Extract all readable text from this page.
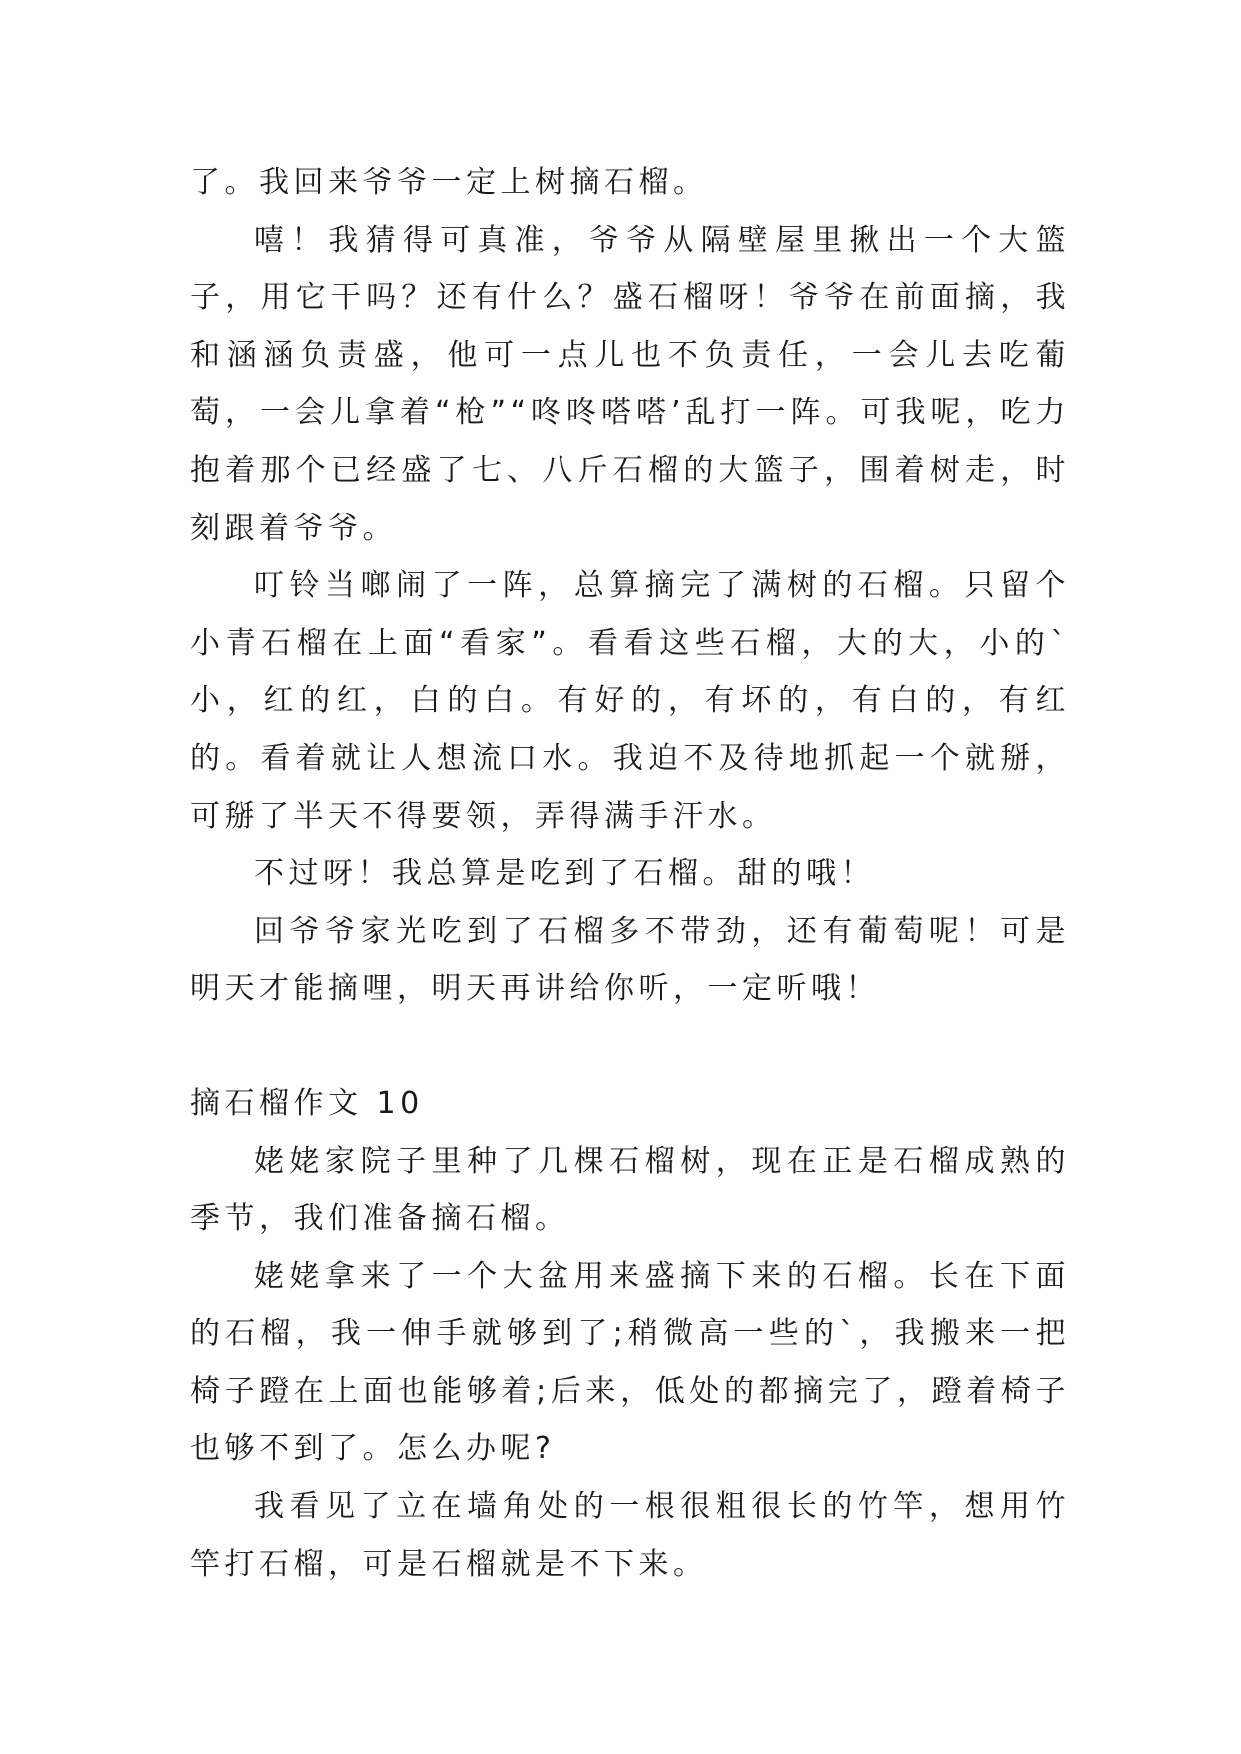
了。我回来爷爷一定上树摘石榴。

嘻！我猜得可真准，爷爷从隔壁屋里揪出一个大篮子，用它干吗？还有什么？盛石榴呀！爷爷在前面摘，我和涵涵负责盛，他可一点儿也不负责任，一会儿去吃葡萄，一会儿拿着“枪”“咚咚嗒嗒’乱打一阵。可我呢，吃力抱着那个已经盛了七、八斤石榴的大篮子，围着树走，时刻跟着爷爷。

叮铃当啷闹了一阵，总算摘完了满树的石榴。只留个小青石榴在上面“看家”。看看这些石榴，大的大，小的`小，红的红，白的白。有好的，有坏的，有白的，有红的。看着就让人想流口水。我迫不及待地抓起一个就掰，可掰了半天不得要领，弄得满手汗水。

不过呀！我总算是吃到了石榴。甜的哦！

回爷爷家光吃到了石榴多不带劲，还有葡萄呢！可是明天才能摘哩，明天再讲给你听，一定听哦！

摘石榴作文 10

姥姥家院子里种了几棵石榴树，现在正是石榴成熟的季节，我们准备摘石榴。

姥姥拿来了一个大盆用来盛摘下来的石榴。长在下面的石榴，我一伸手就够到了;稍微高一些的`，我搬来一把椅子蹬在上面也能够着;后来，低处的都摘完了，蹬着椅子也够不到了。怎么办呢?

我看见了立在墙角处的一根很粗很长的竹竿，想用竹竿打石榴，可是石榴就是不下来。
